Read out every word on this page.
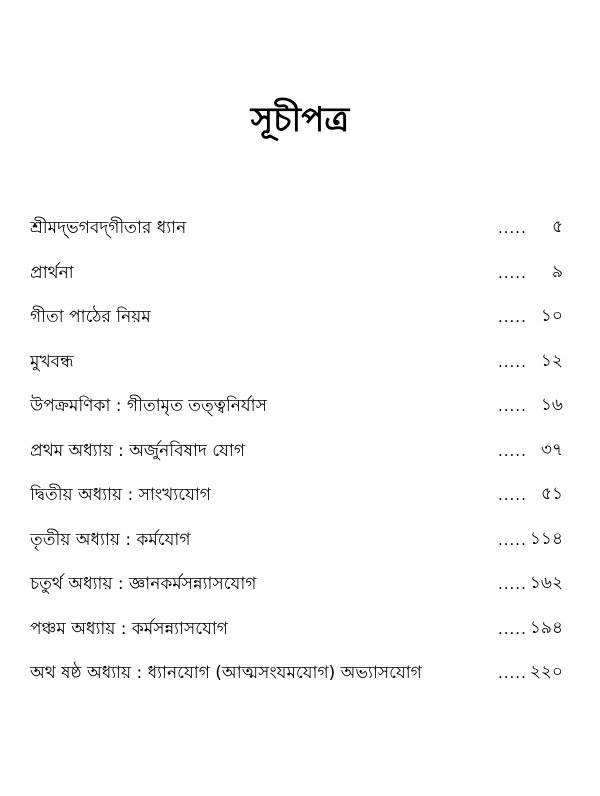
সূচীপত্র
শ্রীমদ্‌ভগবদ্‌গীতার ধ্যান	..... ৫
প্রার্থনা	..... ৯
গীতা পাঠের নিয়ম	..... ১০
মুখবন্ধ	..... ১২
উপক্রমণিকা : গীতামৃত তত্ত্বনির্যাস	..... ১৬
প্রথম অধ্যায় : অর্জুনবিষাদ যোগ	..... ৩৭
দ্বিতীয় অধ্যায় : সাংখ্যযোগ	..... ৫১
তৃতীয় অধ্যায় : কর্মযোগ	..... ১১৪
চতুর্থ অধ্যায় : জ্ঞানকর্মসন্ন্যাসযোগ	..... ১৬২
পঞ্চম অধ্যায় : কর্মসন্ন্যাসযোগ	..... ১৯৪
অথ ষষ্ঠ অধ্যায় : ধ্যানযোগ (আত্মসংযমযোগ) অভ্যাসযোগ	..... ২২০
